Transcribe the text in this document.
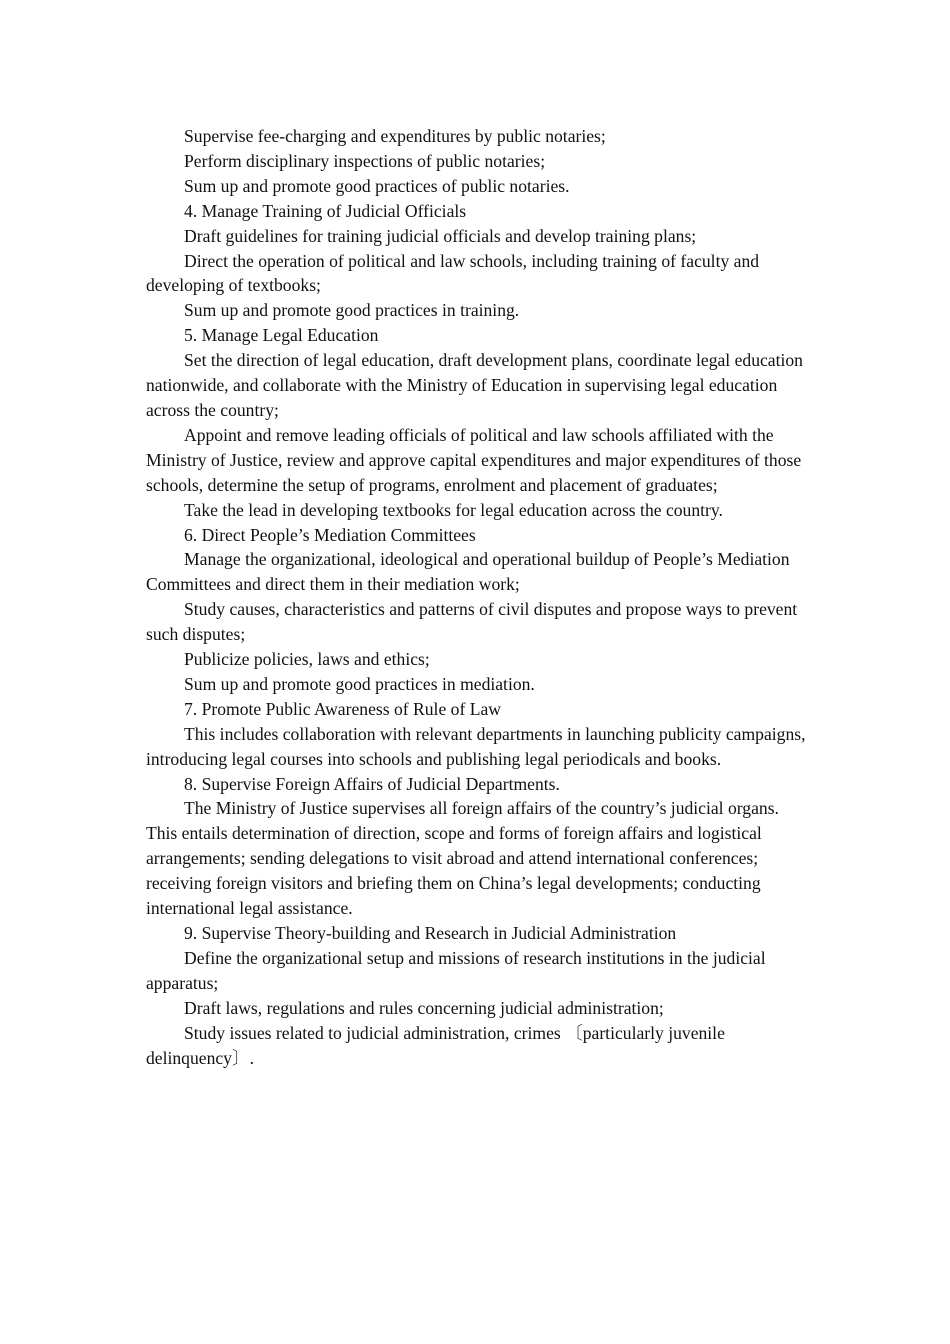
Supervise fee-charging and expenditures by public notaries;

Perform disciplinary inspections of public notaries;

Sum up and promote good practices of public notaries.

4. Manage Training of Judicial Officials

Draft guidelines for training judicial officials and develop training plans;

Direct the operation of political and law schools, including training of faculty and developing of textbooks;

Sum up and promote good practices in training.

5. Manage Legal Education

Set the direction of legal education, draft development plans, coordinate legal education nationwide, and collaborate with the Ministry of Education in supervising legal education across the country;

Appoint and remove leading officials of political and law schools affiliated with the Ministry of Justice, review and approve capital expenditures and major expenditures of those schools, determine the setup of programs, enrolment and placement of graduates;

Take the lead in developing textbooks for legal education across the country.

6. Direct People’s Mediation Committees

Manage the organizational, ideological and operational buildup of People’s Mediation Committees and direct them in their mediation work;

Study causes, characteristics and patterns of civil disputes and propose ways to prevent such disputes;

Publicize policies, laws and ethics;

Sum up and promote good practices in mediation.

7. Promote Public Awareness of Rule of Law

This includes collaboration with relevant departments in launching publicity campaigns, introducing legal courses into schools and publishing legal periodicals and books.

8. Supervise Foreign Affairs of Judicial Departments.

The Ministry of Justice supervises all foreign affairs of the country’s judicial organs. This entails determination of direction, scope and forms of foreign affairs and logistical arrangements; sending delegations to visit abroad and attend international conferences; receiving foreign visitors and briefing them on China’s legal developments; conducting international legal assistance.

9. Supervise Theory-building and Research in Judicial Administration

Define the organizational setup and missions of research institutions in the judicial apparatus;

Draft laws, regulations and rules concerning judicial administration;

Study issues related to judicial administration, crimes 〔particularly juvenile delinquency〕.
